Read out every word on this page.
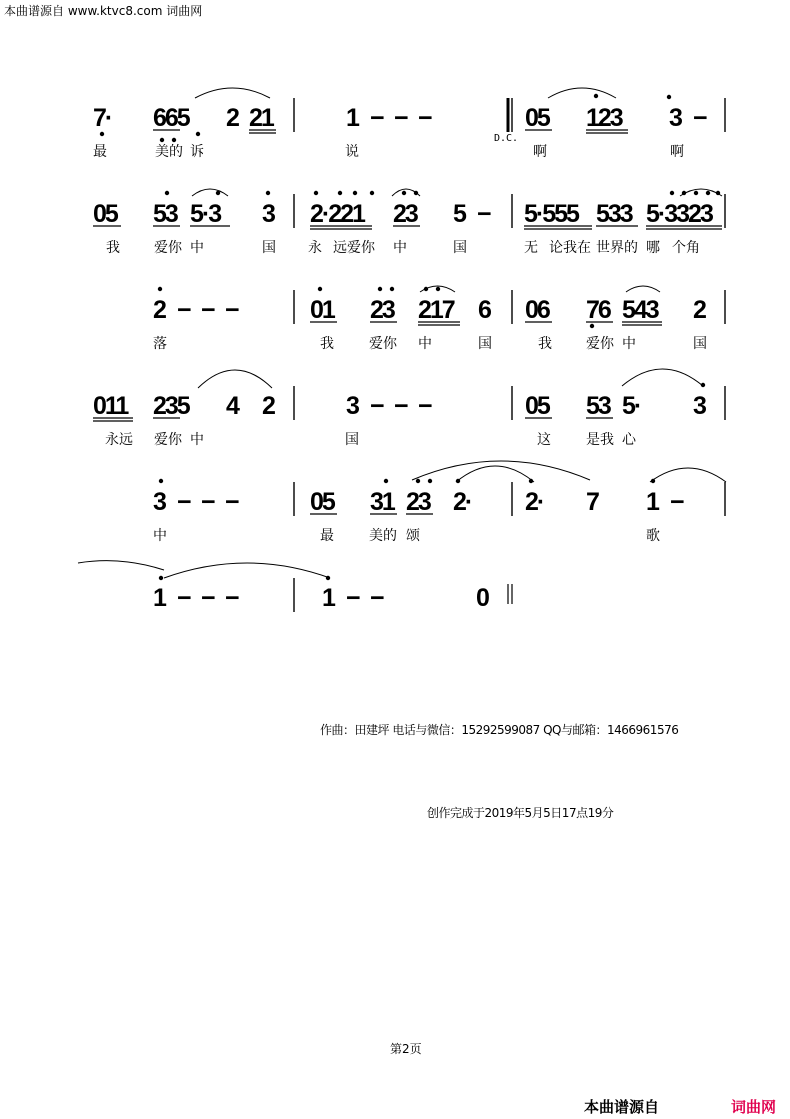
本曲谱源自 www.ktvc8.com 词曲网
7· 665 2 21	1 − − −	05 123 3 −
最	美的 诉	说	啊	啊
05 53 5·3 3 2·221 23 5 − 5·555 533 5·3323
我 爱你 中	国 永 远爱你 中	国	无 论我在 世界的 哪 个角
2 − − −	01 23 217 6 06 76 543 2
落	我	爱你 中	国	我 爱你 中	国
011 235 4 2	3 − − −	05 53 5· 3
永远 爱你 中	国	这	是我 心
3 − − −	05 31 23 2· 2· 7 1 −
中	最	美的 颂	歌
1 − − −	1 − −	0
D.C.
作曲：田建坪 电话与微信：15292599087 QQ与邮箱：1466961576
创作完成于2019年5月5日17点19分
第2页
本曲谱源自	词曲网
